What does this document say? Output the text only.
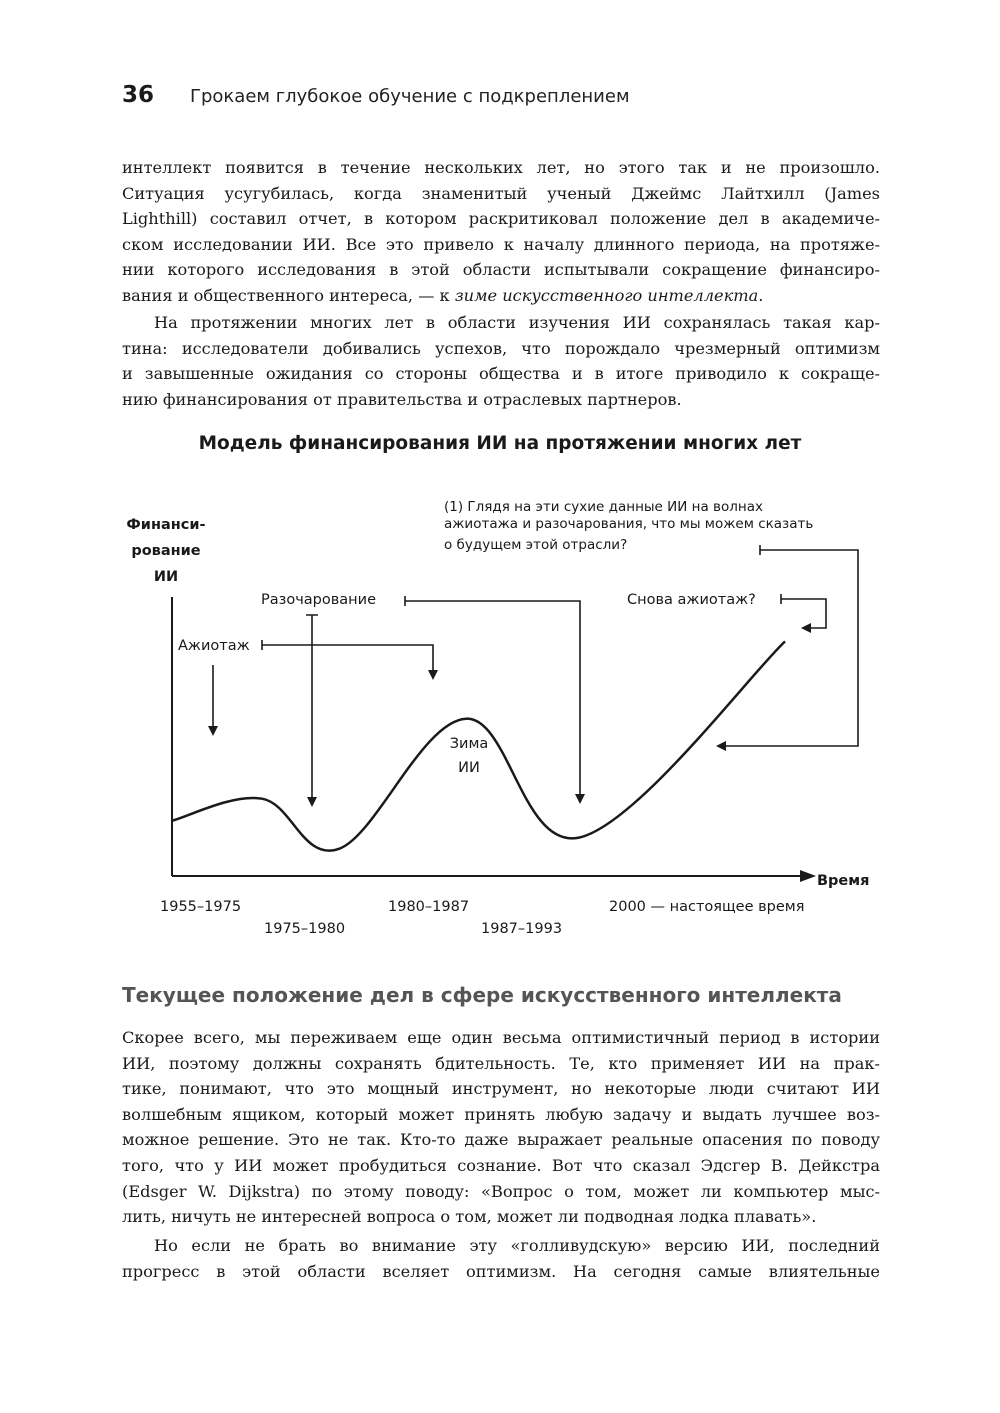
36 Грокаем глубокое обучение с подкреплением
интеллект появится в течение нескольких лет, но этого так и не произошло.
Ситуация усугубилась, когда знаменитый ученый Джеймс Лайтхилл (James
Lighthill) составил отчет, в котором раскритиковал положение дел в академиче-
ском исследовании ИИ. Все это привело к началу длинного периода, на протяже-
нии которого исследования в этой области испытывали сокращение финансиро-
вания и общественного интереса, — к зиме искусственного интеллекта.
На протяжении многих лет в области изучения ИИ сохранялась такая кар-
тина: исследователи добивались успехов, что порождало чрезмерный оптимизм
и завышенные ожидания со стороны общества и в итоге приводило к сокраще-
нию финансирования от правительства и отраслевых партнеров.
Модель финансирования ИИ на протяжении многих лет
Финанси-
рование
ИИ
Время
Ажиотаж
Разочарование
Зима
ИИ
Снова ажиотаж?
(1) Глядя на эти сухие данные ИИ на волнах
ажиотажа и разочарования, что мы можем сказать
о будущем этой отрасли?
1955–1975
1975–1980
1980–1987
1987–1993
2000 — настоящее время
Текущее положение дел в сфере искусственного интеллекта
Скорее всего, мы переживаем еще один весьма оптимистичный период в истории
ИИ, поэтому должны сохранять бдительность. Те, кто применяет ИИ на прак-
тике, понимают, что это мощный инструмент, но некоторые люди считают ИИ
волшебным ящиком, который может принять любую задачу и выдать лучшее воз-
можное решение. Это не так. Кто-то даже выражает реальные опасения по поводу
того, что у ИИ может пробудиться сознание. Вот что сказал Эдсгер В. Дейкстра
(Edsger W. Dijkstra) по этому поводу: «Вопрос о том, может ли компьютер мыс-
лить, ничуть не интересней вопроса о том, может ли подводная лодка плавать».
Но если не брать во внимание эту «голливудскую» версию ИИ, последний
прогресс в этой области вселяет оптимизм. На сегодня самые влиятельные
